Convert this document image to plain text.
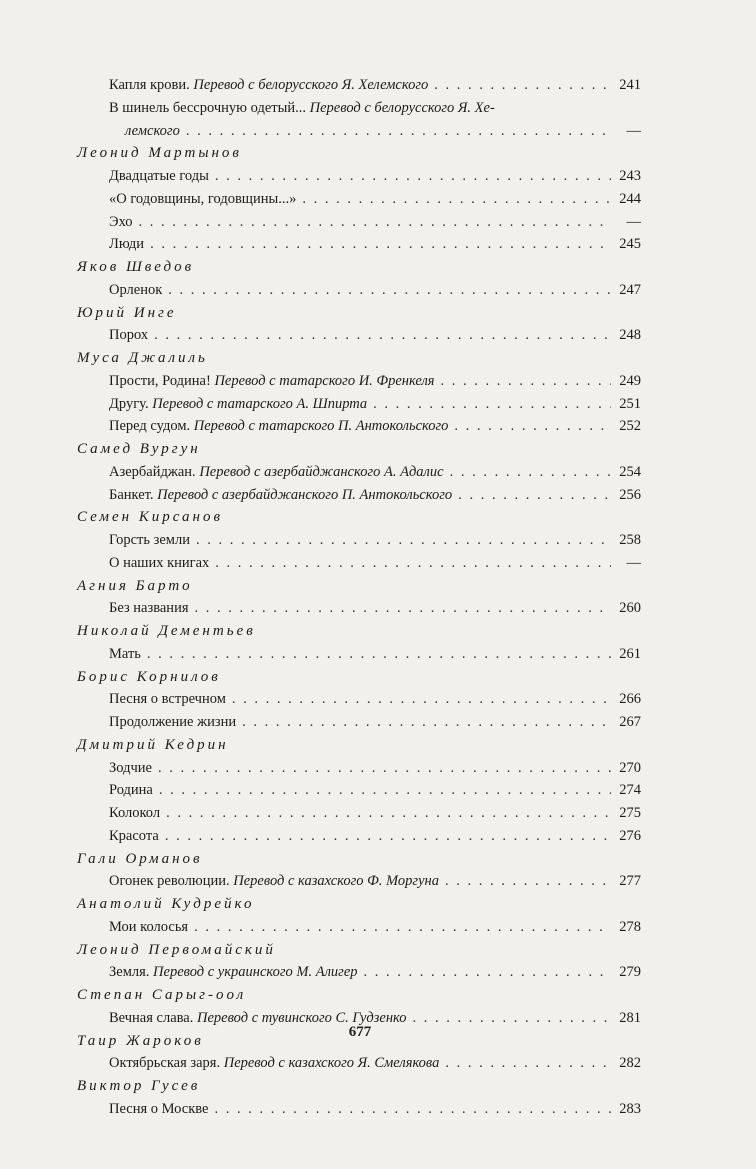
Капля крови. Перевод с белорусского Я. Хелемского . . .	241
В шинель бессрочную одетый... Перевод с белорусского Я. Хе-
лемского . . .	—
Леонид Мартынов
Двадцатые годы . . .	243
«О годовщины, годовщины...» . . .	244
Эхо . . .	—
Люди . . .	245
Яков Шведов
Орленок . . .	247
Юрий Инге
Порох . . .	248
Муса Джалиль
Прости, Родина! Перевод с татарского И. Френкеля . . .	249
Другу. Перевод с татарского А. Шпирта . . .	251
Перед судом. Перевод с татарского П. Антокольского . . .	252
Самед Вургун
Азербайджан. Перевод с азербайджанского А. Адалис . . .	254
Банкет. Перевод с азербайджанского П. Антокольского . . .	256
Семен Кирсанов
Горсть земли . . .	258
О наших книгах . . .	—
Агния Барто
Без названия . . .	260
Николай Дементьев
Мать . . .	261
Борис Корнилов
Песня о встречном . . .	266
Продолжение жизни . . .	267
Дмитрий Кедрин
Зодчие . . .	270
Родина . . .	274
Колокол . . .	275
Красота . . .	276
Гали Орманов
Огонек революции. Перевод с казахского Ф. Моргуна . . .	277
Анатолий Кудрейко
Мои колосья . . .	278
Леонид Первомайский
Земля. Перевод с украинского М. Алигер . . .	279
Степан Сарыг-оол
Вечная слава. Перевод с тувинского С. Гудзенко . . .	281
Таир Жароков
Октябрьская заря. Перевод с казахского Я. Смелякова . . .	282
Виктор Гусев
Песня о Москве . . .	283
677
